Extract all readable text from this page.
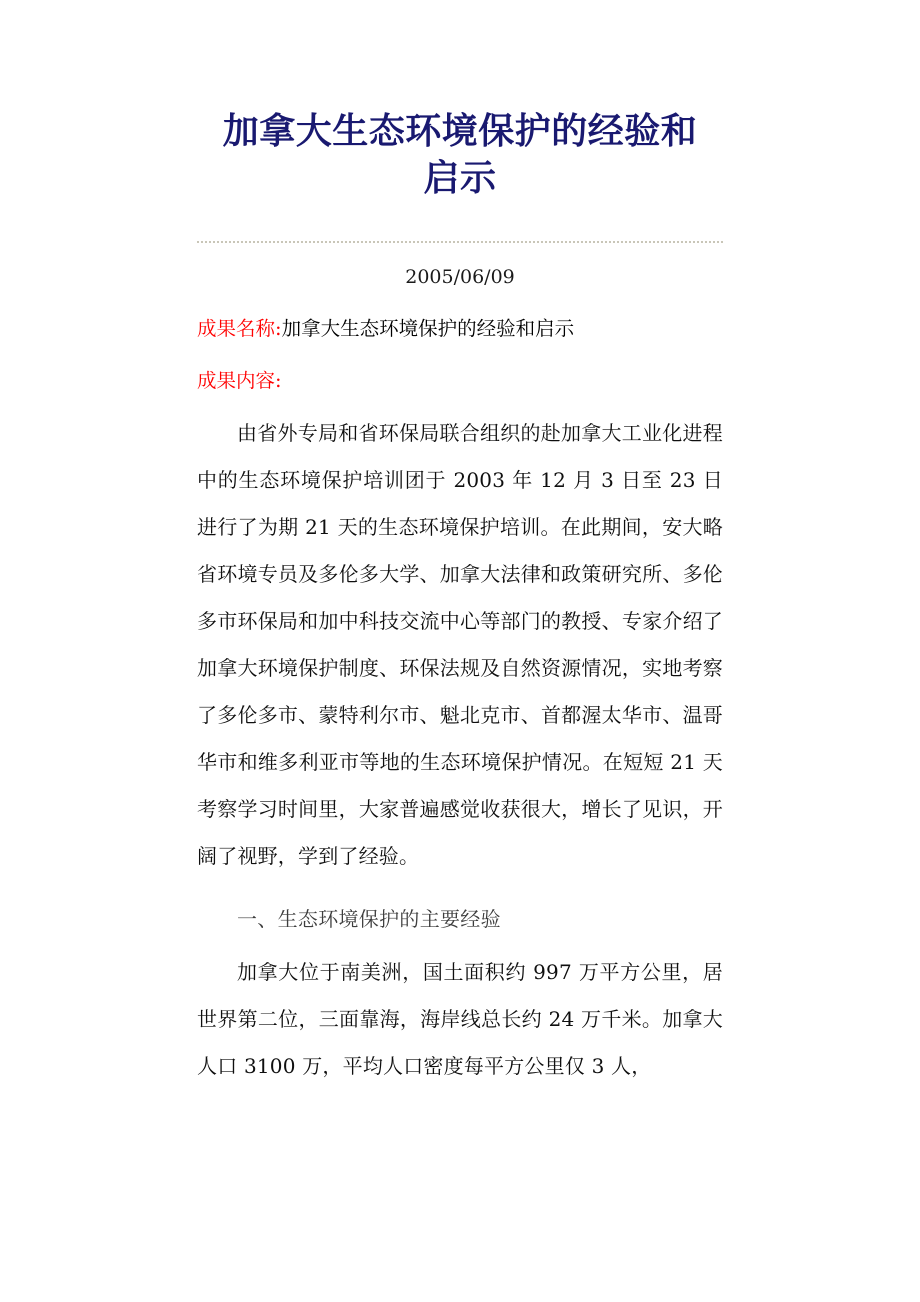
加拿大生态环境保护的经验和
启示
2005/06/09

成果名称:加拿大生态环境保护的经验和启示

成果内容:

由省外专局和省环保局联合组织的赴加拿大工业化进程中的生态环境保护培训团于 2003 年 12 月 3 日至 23 日进行了为期 21 天的生态环境保护培训。在此期间，安大略省环境专员及多伦多大学、加拿大法律和政策研究所、多伦多市环保局和加中科技交流中心等部门的教授、专家介绍了加拿大环境保护制度、环保法规及自然资源情况，实地考察了多伦多市、蒙特利尔市、魁北克市、首都渥太华市、温哥华市和维多利亚市等地的生态环境保护情况。在短短 21 天考察学习时间里，大家普遍感觉收获很大，增长了见识，开阔了视野，学到了经验。

一、生态环境保护的主要经验

加拿大位于南美洲，国土面积约 997 万平方公里，居世界第二位，三面靠海，海岸线总长约 24 万千米。加拿大人口 3100 万，平均人口密度每平方公里仅 3 人，
